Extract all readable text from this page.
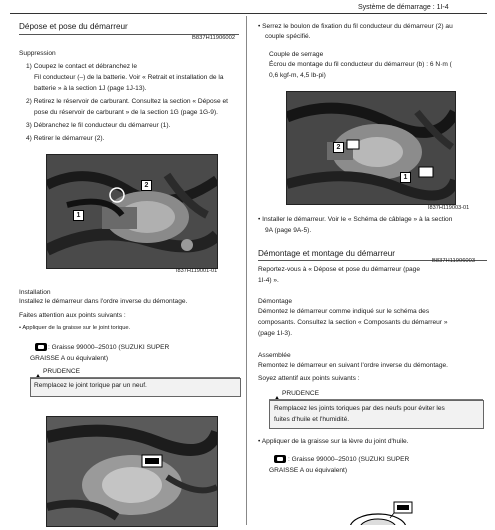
Système de démarrage : 1I-4
Dépose et pose du démarreur
B837H11906002
Suppression
1) Coupez le contact et débranchez le
Fil conducteur (–) de la batterie. Voir « Retrait et installation de la
batterie » à la section 1J (page 1J-13).
2) Retirez le réservoir de carburant. Consultez la section « Dépose et
pose du réservoir de carburant » de la section 1G (page 1G-9).
3) Débranchez le fil conducteur du démarreur (1).
4) Retirer le démarreur (2).
1
2
I837H119001-01
Installation
Installez le démarreur dans l'ordre inverse du démontage.
Faites attention aux points suivants :
• Appliquer de la graisse sur le joint torique.
: Graisse 99000–25010 (SUZUKI SUPER
GRAISSE A ou équivalent)
PRUDENCE
Remplacez le joint torique par un neuf.
• Serrez le boulon de fixation du fil conducteur du démarreur (2) au
couple spécifié.
Couple de serrage
Écrou de montage du fil conducteur du démarreur (b) : 6 N·m (
0,6 kgf-m, 4,5 lb-pi)
2
1
I837H119003-01
• Installer le démarreur. Voir le « Schéma de câblage » à la section
9A (page 9A-5).
Démontage et montage du démarreur
B837H11906003
Reportez-vous à « Dépose et pose du démarreur (page
1I-4) ».
Démontage
Démontez le démarreur comme indiqué sur le schéma des
composants. Consultez la section « Composants du démarreur »
(page 1I-3).
Assemblée
Remontez le démarreur en suivant l'ordre inverse du démontage.
Soyez attentif aux points suivants :
PRUDENCE
Remplacez les joints toriques par des neufs pour éviter les
fuites d'huile et l'humidité.
• Appliquer de la graisse sur la lèvre du joint d'huile.
: Graisse 99000–25010 (SUZUKI SUPER
GRAISSE A ou équivalent)
